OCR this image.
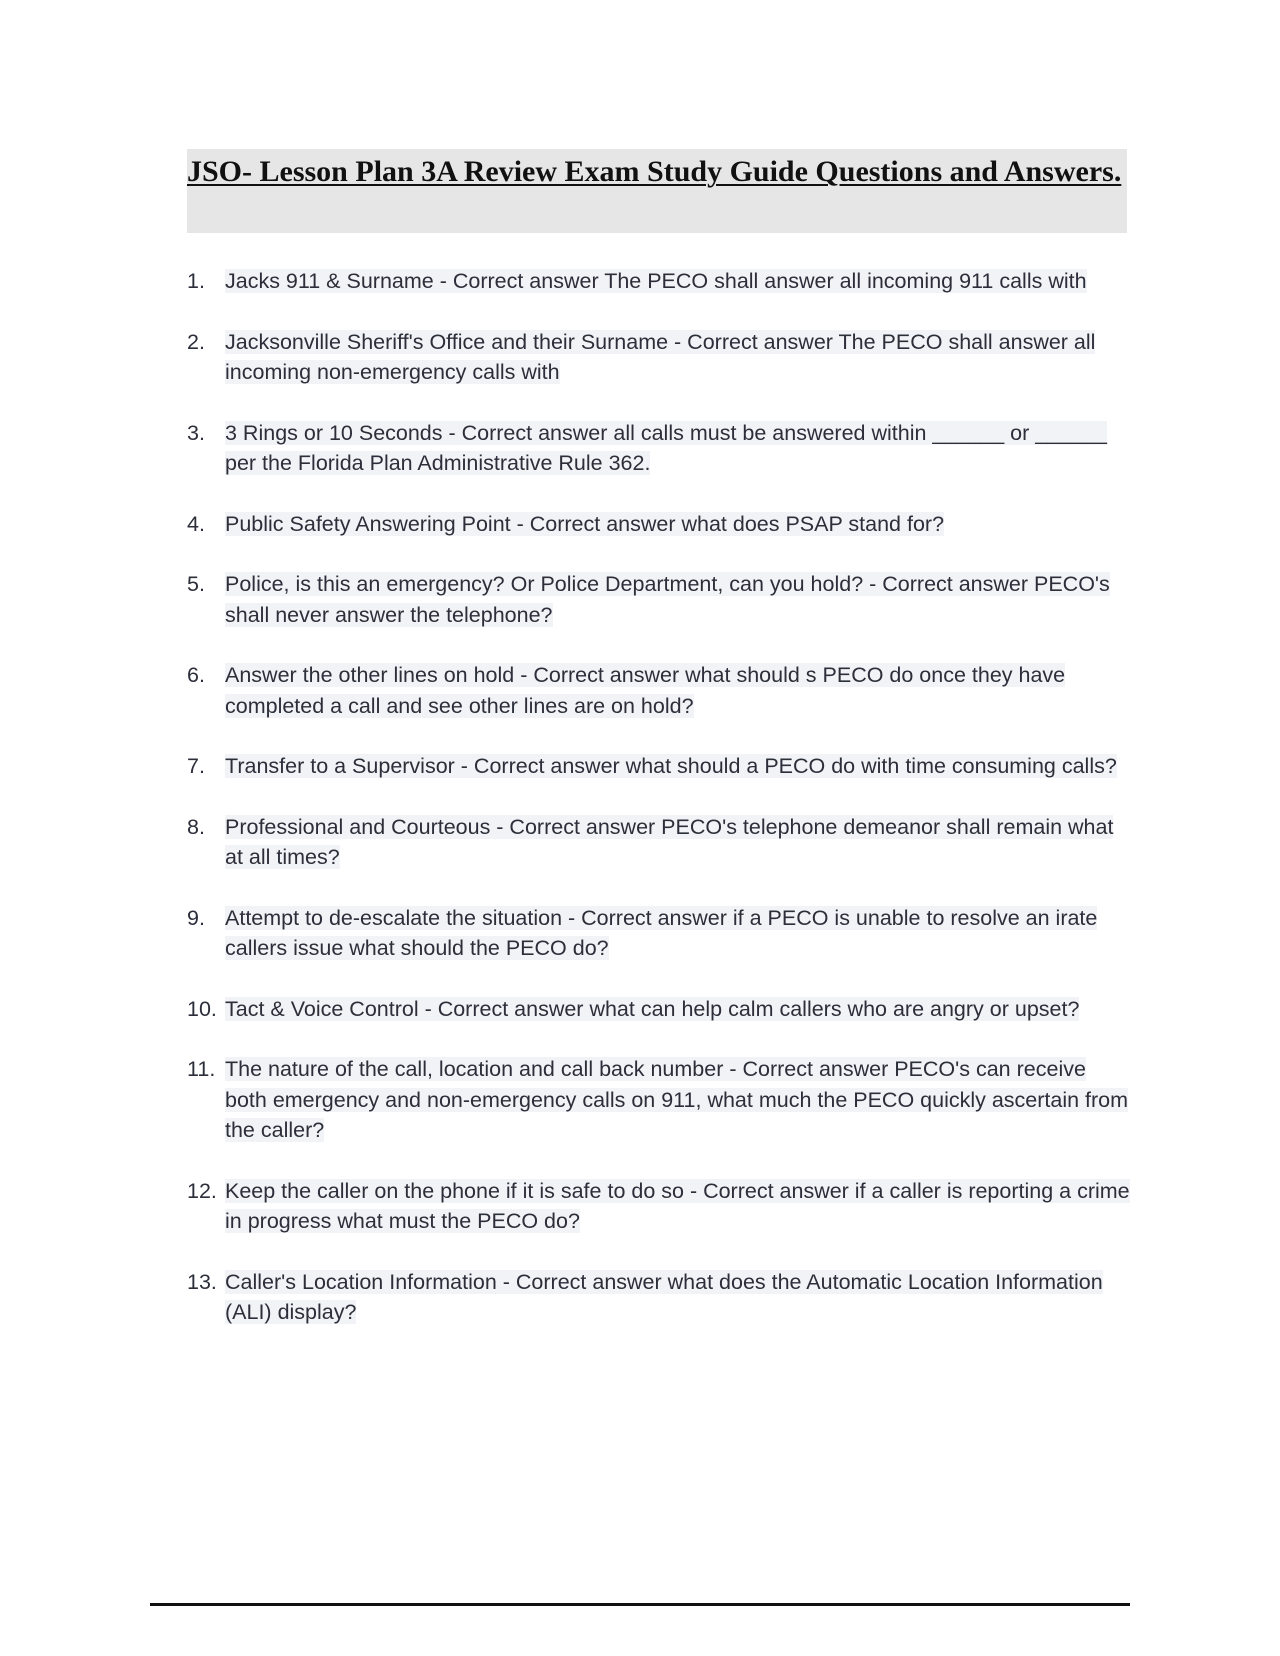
JSO- Lesson Plan 3A Review Exam Study Guide Questions and Answers.
1. Jacks 911 & Surname - Correct answer The PECO shall answer all incoming 911 calls with
2. Jacksonville Sheriff's Office and their Surname - Correct answer The PECO shall answer all incoming non-emergency calls with
3. 3 Rings or 10 Seconds - Correct answer all calls must be answered within ______ or ______ per the Florida Plan Administrative Rule 362.
4. Public Safety Answering Point - Correct answer what does PSAP stand for?
5. Police, is this an emergency? Or Police Department, can you hold? - Correct answer PECO's shall never answer the telephone?
6. Answer the other lines on hold - Correct answer what should s PECO do once they have completed a call and see other lines are on hold?
7. Transfer to a Supervisor - Correct answer what should a PECO do with time consuming calls?
8. Professional and Courteous - Correct answer PECO's telephone demeanor shall remain what at all times?
9. Attempt to de-escalate the situation - Correct answer if a PECO is unable to resolve an irate callers issue what should the PECO do?
10. Tact & Voice Control - Correct answer what can help calm callers who are angry or upset?
11. The nature of the call, location and call back number - Correct answer PECO's can receive both emergency and non-emergency calls on 911, what much the PECO quickly ascertain from the caller?
12. Keep the caller on the phone if it is safe to do so - Correct answer if a caller is reporting a crime in progress what must the PECO do?
13. Caller's Location Information - Correct answer what does the Automatic Location Information (ALI) display?
